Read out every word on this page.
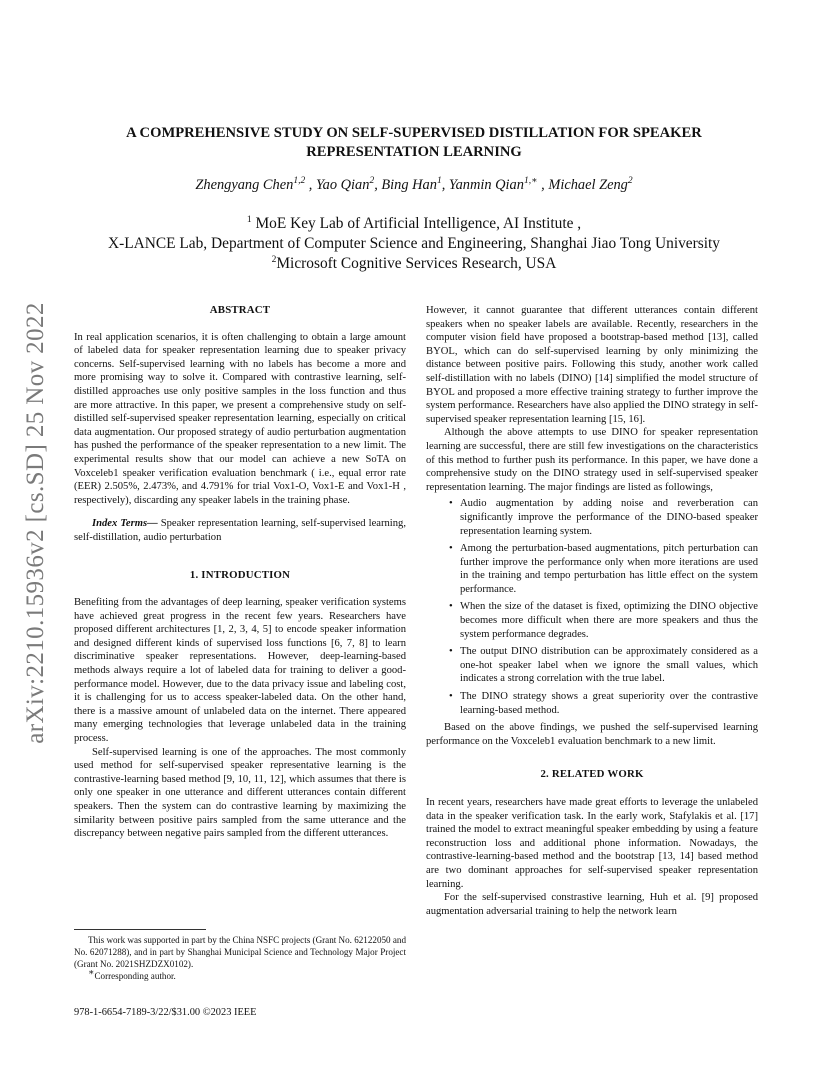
arXiv:2210.15936v2 [cs.SD] 25 Nov 2022
A COMPREHENSIVE STUDY ON SELF-SUPERVISED DISTILLATION FOR SPEAKER
REPRESENTATION LEARNING
Zhengyang Chen$^{1,2}$ , Yao Qian$^2$, Bing Han$^1$, Yanmin Qian$^{1,∗}$ , Michael Zeng$^2$
$^1$ MoE Key Lab of Artificial Intelligence, AI Institute ,
X-LANCE Lab, Department of Computer Science and Engineering, Shanghai Jiao Tong University
$^2$Microsoft Cognitive Services Research, USA

ABSTRACT

In real application scenarios, it is often challenging to obtain a large amount of labeled data for speaker representation learning due to speaker privacy concerns. Self-supervised learning with no labels has become a more and more promising way to solve it. Compared with contrastive learning, self-distilled approaches use only positive samples in the loss function and thus are more attractive. In this paper, we present a comprehensive study on self-distilled self-supervised speaker representation learning, especially on critical data augmentation. Our proposed strategy of audio perturbation augmentation has pushed the performance of the speaker representation to a new limit. The experimental results show that our model can achieve a new SoTA on Voxceleb1 speaker verification evaluation benchmark ( i.e., equal error rate (EER) 2.505%, 2.473%, and 4.791% for trial Vox1-O, Vox1-E and Vox1-H , respectively), discarding any speaker labels in the training phase.

Index Terms— Speaker representation learning, self-supervised learning, self-distillation, audio perturbation

1. INTRODUCTION

Benefiting from the advantages of deep learning, speaker verification systems have achieved great progress in the recent few years. Researchers have proposed different architectures [1, 2, 3, 4, 5] to encode speaker information and designed different kinds of supervised loss functions [6, 7, 8] to learn discriminative speaker representations. However, deep-learning-based methods always require a lot of labeled data for training to deliver a good-performance model. However, due to the data privacy issue and labeling cost, it is challenging for us to access speaker-labeled data. On the other hand, there is a massive amount of unlabeled data on the internet. There appeared many emerging technologies that leverage unlabeled data in the training process.

Self-supervised learning is one of the approaches. The most commonly used method for self-supervised speaker representative learning is the contrastive-learning based method [9, 10, 11, 12], which assumes that there is only one speaker in one utterance and different utterances contain different speakers. Then the system can do contrastive learning by maximizing the similarity between positive pairs sampled from the same utterance and the discrepancy between negative pairs sampled from the different utterances.

However, it cannot guarantee that different utterances contain different speakers when no speaker labels are available. Recently, researchers in the computer vision field have proposed a bootstrap-based method [13], called BYOL, which can do self-supervised learning by only minimizing the distance between positive pairs. Following this study, another work called self-distillation with no labels (DINO) [14] simplified the model structure of BYOL and proposed a more effective training strategy to further improve the system performance. Researchers have also applied the DINO strategy in self-supervised speaker representation learning [15, 16].

Although the above attempts to use DINO for speaker representation learning are successful, there are still few investigations on the characteristics of this method to further push its performance. In this paper, we have done a comprehensive study on the DINO strategy used in self-supervised speaker representation learning. The major findings are listed as followings,

• Audio augmentation by adding noise and reverberation can significantly improve the performance of the DINO-based speaker representation learning system.
• Among the perturbation-based augmentations, pitch perturbation can further improve the performance only when more iterations are used in the training and tempo perturbation has little effect on the system performance.
• When the size of the dataset is fixed, optimizing the DINO objective becomes more difficult when there are more speakers and thus the system performance degrades.
• The output DINO distribution can be approximately considered as a one-hot speaker label when we ignore the small values, which indicates a strong correlation with the true label.
• The DINO strategy shows a great superiority over the contrastive learning-based method.

Based on the above findings, we pushed the self-supervised learning performance on the Voxceleb1 evaluation benchmark to a new limit.

2. RELATED WORK

In recent years, researchers have made great efforts to leverage the unlabeled data in the speaker verification task. In the early work, Stafylakis et al. [17] trained the model to extract meaningful speaker embedding by using a feature reconstruction loss and additional phone information. Nowadays, the contrastive-learning-based method and the bootstrap [13, 14] based method are two dominant approaches for self-supervised speaker representation learning.

For the self-supervised constrastive learning, Huh et al. [9] proposed augmentation adversarial training to help the network learn

This work was supported in part by the China NSFC projects (Grant No. 62122050 and No. 62071288), and in part by Shanghai Municipal Science and Technology Major Project (Grant No. 2021SHZDZX0102).

∗Corresponding author.

978-1-6654-7189-3/22/$31.00 ©2023 IEEE
